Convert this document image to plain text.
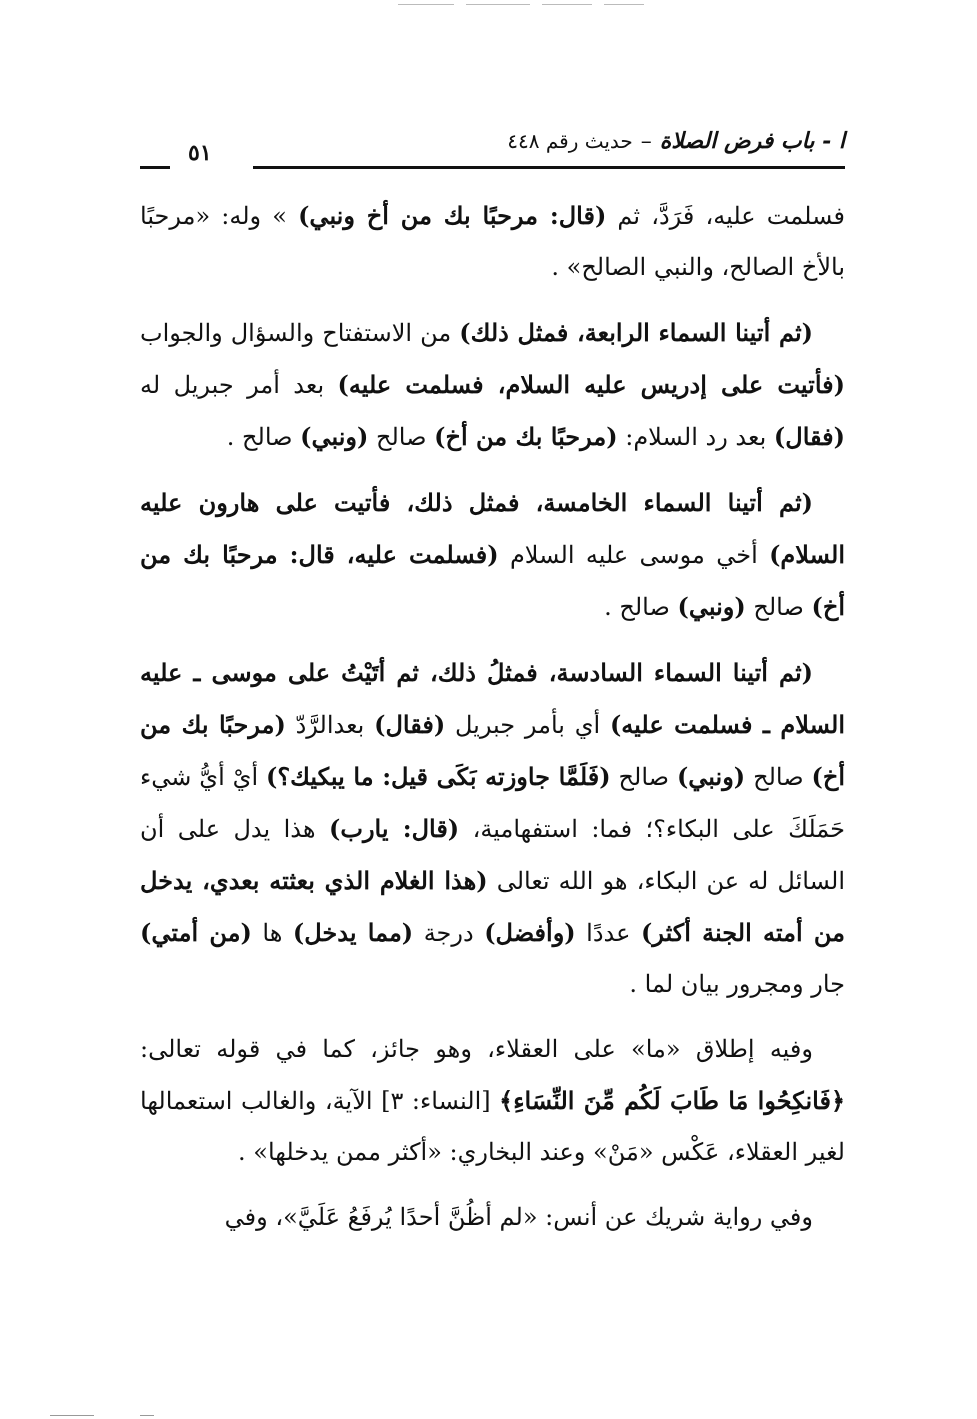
ا - باب فرض الصلاة–حديث رقم ٤٤٨
٥١

فسلمت عليه، فَرَدَّ، ثم (قال: مرحبًا بك من أخ ونبي) » وله: «مرحبًا بالأخ الصالح، والنبي الصالح» .

(ثم أتينا السماء الرابعة، فمثل ذلك) من الاستفتاح والسؤال والجواب (فأتيت على إدريس عليه السلام، فسلمت عليه) بعد أمر جبريل له (فقال) بعد رد السلام: (مرحبًا بك من أخ) صالح (ونبي) صالح .

(ثم أتينا السماء الخامسة، فمثل ذلك، فأتيت على هارون عليه السلام) أخي موسى عليه السلام (فسلمت عليه، قال: مرحبًا بك من أخ) صالح (ونبي) صالح .

(ثم أتينا السماء السادسة، فمثلُ ذلك، ثم أتَيْتُ على موسى ـ عليه السلام ـ فسلمت عليه) أي بأمر جبريل (فقال) بعدالرَّدّ (مرحبًا بك من أخ) صالح (ونبي) صالح (فَلَمَّا جاوزته بَكَى قيل: ما يبكيك؟) أيْ أيُّ شيء حَمَلَكَ على البكاء؟؛ فما: استفهامية، (قال: يارب) هذا يدل على أن السائل له عن البكاء، هو الله تعالى (هذا الغلام الذي بعثته بعدي، يدخل من أمته الجنة أكثر) عددًا (وأفضل) درجة (مما يدخل) ها (من أمتي) جار ومجرور بيان لما .

وفيه إطلاق «ما» على العقلاء، وهو جائز، كما في قوله تعالى: ﴿فَانكِحُوا مَا طَابَ لَكُم مِّنَ النِّسَاءِ﴾ [النساء: ٣] الآية، والغالب استعمالها لغير العقلاء، عَكْس «مَنْ» وعند البخاري: «أكثر ممن يدخلها» .

وفي رواية شريك عن أنس: «لم أظُنَّ أحدًا يُرفَعُ عَلَيَّ»، وفي
